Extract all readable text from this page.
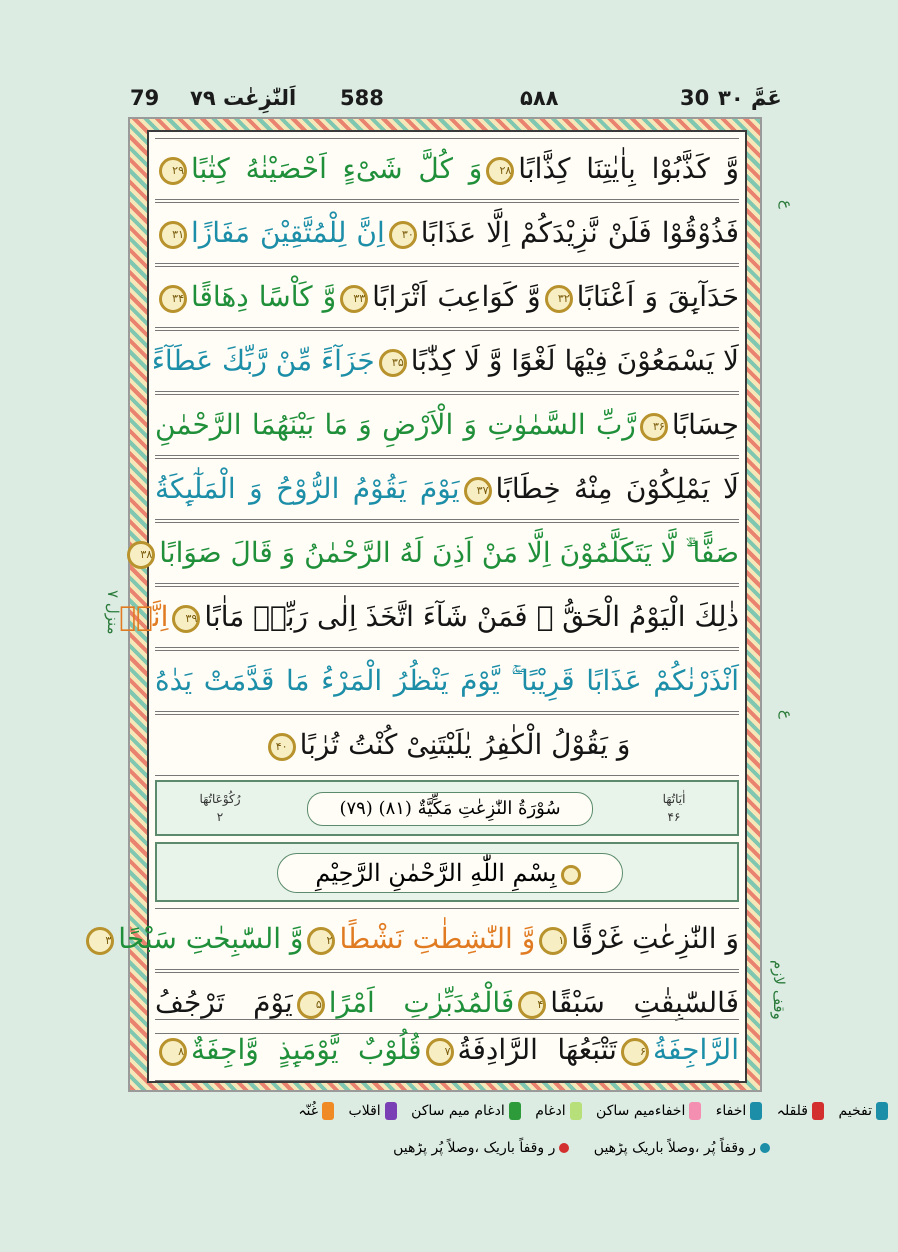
79 ۷۹ اَلنّٰزِعٰت 588	۵۸۸	30 ۳۰ عَمَّ
ع
منزل ۷
ع
وقف لازم
وَّ كَذَّبُوْا بِاٰيٰتِنَا كِذَّابًا۲۸وَ كُلَّ شَیْءٍ اَحْصَیْنٰهُ كِتٰبًا۲۹
فَذُوْقُوْا فَلَنْ نَّزِیْدَكُمْ اِلَّا عَذَابًا۳۰اِنَّ لِلْمُتَّقِیْنَ مَفَازًا۳۱
حَدَآىِٕقَ وَ اَعْنَابًا۳۲وَّ كَوَاعِبَ اَتْرَابًا۳۳وَّ كَاْسًا دِهَاقًا۳۴
لَا یَسْمَعُوْنَ فِیْهَا لَغْوًا وَّ لَا كِذّٰبًا۳۵جَزَآءً مِّنْ رَّبِّكَ عَطَآءً
حِسَابًا۳۶رَّبِّ السَّمٰوٰتِ وَ الْاَرْضِ وَ مَا بَیْنَهُمَا الرَّحْمٰنِ
لَا یَمْلِكُوْنَ مِنْهُ خِطَابًا۳۷یَوْمَ یَقُوْمُ الرُّوْحُ وَ الْمَلٰٓىِٕكَةُ
صَفًّا ۙۗ لَّا یَتَكَلَّمُوْنَ اِلَّا مَنْ اَذِنَ لَهُ الرَّحْمٰنُ وَ قَالَ صَوَابًا۳۸
ذٰلِكَ الْیَوْمُ الْحَقُّ ۚ فَمَنْ شَآءَ اتَّخَذَ اِلٰی رَبِّهٖ مَاٰبًا۳۹اِنَّاۤ
اَنْذَرْنٰكُمْ عَذَابًا قَرِیْبًا ۖۚ یَّوْمَ یَنْظُرُ الْمَرْءُ مَا قَدَّمَتْ یَدٰهُ
وَ یَقُوْلُ الْكٰفِرُ یٰلَیْتَنِیْ كُنْتُ تُرٰبًا۴۰
اٰیَاتُهَا
۴۶
(۷۹) سُوْرَةُ النّٰزِعٰتِ مَكِّیَّةٌ (۸۱)
رُكُوْعَاتُهَا
۲
بِسْمِ اللّٰهِ الرَّحْمٰنِ الرَّحِیْمِ
وَ النّٰزِعٰتِ غَرْقًا۱وَّ النّٰشِطٰتِ نَشْطًا۲وَّ السّٰبِحٰتِ سَبْحًا۳
فَالسّٰبِقٰتِ سَبْقًا۴فَالْمُدَبِّرٰتِ اَمْرًا۵یَوْمَ تَرْجُفُ
الرَّاجِفَةُ۶تَتْبَعُهَا الرَّادِفَةُ۷قُلُوْبٌ یَّوْمَىِٕذٍ وَّاجِفَةٌ۸
تفخیم قلقلہ اخفاء اخفاءمیم ساکن ادغام ادغام میم ساکن اقلاب غُنّہ
ر وقفاً پُر ،وصلاً باریک پڑھیں ر وقفاً باریک ،وصلاً پُر پڑھیں
